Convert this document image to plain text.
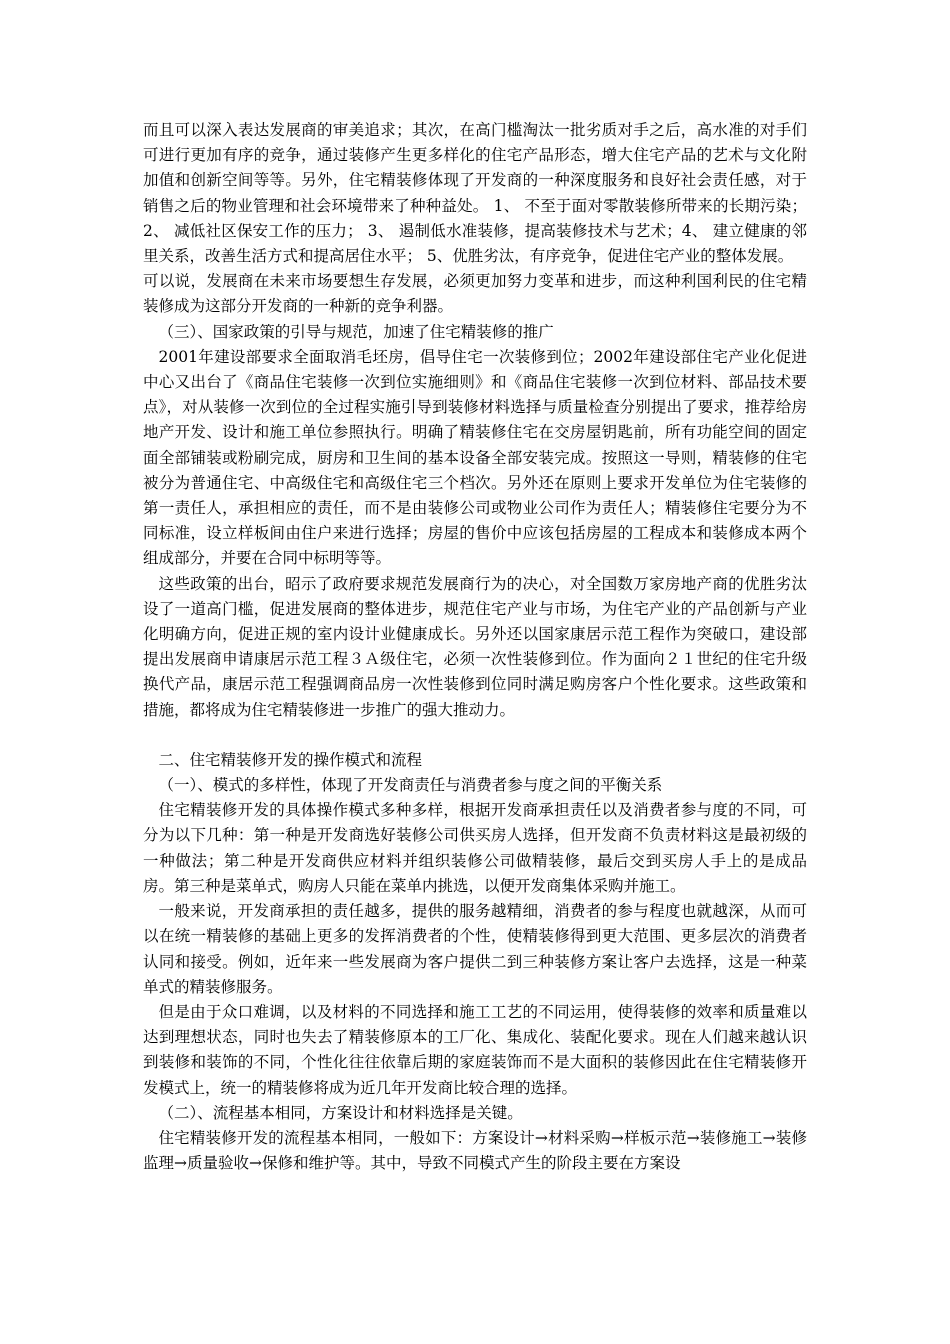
而且可以深入表达发展商的审美追求；其次，在高门槛淘汰一批劣质对手之后，高水准的对手们可进行更加有序的竞争，通过装修产生更多样化的住宅产品形态，增大住宅产品的艺术与文化附加值和创新空间等等。另外，住宅精装修体现了开发商的一种深度服务和良好社会责任感，对于销售之后的物业管理和社会环境带来了种种益处。 1、 不至于面对零散装修所带来的长期污染； 2、 减低社区保安工作的压力； 3、 遏制低水准装修，提高装修技术与艺术；4、 建立健康的邻里关系，改善生活方式和提高居住水平； 5、优胜劣汰，有序竞争，促进住宅产业的整体发展。

可以说，发展商在未来市场要想生存发展，必须更加努力变革和进步，而这种利国利民的住宅精装修成为这部分开发商的一种新的竞争利器。

（三）、国家政策的引导与规范，加速了住宅精装修的推广

2001年建设部要求全面取消毛坯房，倡导住宅一次装修到位；2002年建设部住宅产业化促进中心又出台了《商品住宅装修一次到位实施细则》和《商品住宅装修一次到位材料、部品技术要点》，对从装修一次到位的全过程实施引导到装修材料选择与质量检查分别提出了要求，推荐给房地产开发、设计和施工单位参照执行。明确了精装修住宅在交房屋钥匙前，所有功能空间的固定面全部铺装或粉刷完成，厨房和卫生间的基本设备全部安装完成。按照这一导则，精装修的住宅被分为普通住宅、中高级住宅和高级住宅三个档次。另外还在原则上要求开发单位为住宅装修的第一责任人，承担相应的责任，而不是由装修公司或物业公司作为责任人；精装修住宅要分为不同标准，设立样板间由住户来进行选择；房屋的售价中应该包括房屋的工程成本和装修成本两个组成部分，并要在合同中标明等等。

这些政策的出台，昭示了政府要求规范发展商行为的决心，对全国数万家房地产商的优胜劣汰设了一道高门槛，促进发展商的整体进步，规范住宅产业与市场，为住宅产业的产品创新与产业化明确方向，促进正规的室内设计业健康成长。另外还以国家康居示范工程作为突破口，建设部提出发展商申请康居示范工程３Ａ级住宅，必须一次性装修到位。作为面向２１世纪的住宅升级换代产品，康居示范工程强调商品房一次性装修到位同时满足购房客户个性化要求。这些政策和措施，都将成为住宅精装修进一步推广的强大推动力。

二、住宅精装修开发的操作模式和流程

（一）、模式的多样性，体现了开发商责任与消费者参与度之间的平衡关系

住宅精装修开发的具体操作模式多种多样，根据开发商承担责任以及消费者参与度的不同，可分为以下几种：第一种是开发商选好装修公司供买房人选择，但开发商不负责材料这是最初级的一种做法；第二种是开发商供应材料并组织装修公司做精装修，最后交到买房人手上的是成品房。第三种是菜单式，购房人只能在菜单内挑选，以便开发商集体采购并施工。

一般来说，开发商承担的责任越多，提供的服务越精细，消费者的参与程度也就越深，从而可以在统一精装修的基础上更多的发挥消费者的个性，使精装修得到更大范围、更多层次的消费者认同和接受。例如，近年来一些发展商为客户提供二到三种装修方案让客户去选择，这是一种菜单式的精装修服务。

但是由于众口难调，以及材料的不同选择和施工工艺的不同运用，使得装修的效率和质量难以达到理想状态，同时也失去了精装修原本的工厂化、集成化、装配化要求。现在人们越来越认识到装修和装饰的不同，个性化往往依靠后期的家庭装饰而不是大面积的装修因此在住宅精装修开发模式上，统一的精装修将成为近几年开发商比较合理的选择。

（二）、流程基本相同，方案设计和材料选择是关键。

住宅精装修开发的流程基本相同，一般如下：方案设计→材料采购→样板示范→装修施工→装修监理→质量验收→保修和维护等。其中，导致不同模式产生的阶段主要在方案设
